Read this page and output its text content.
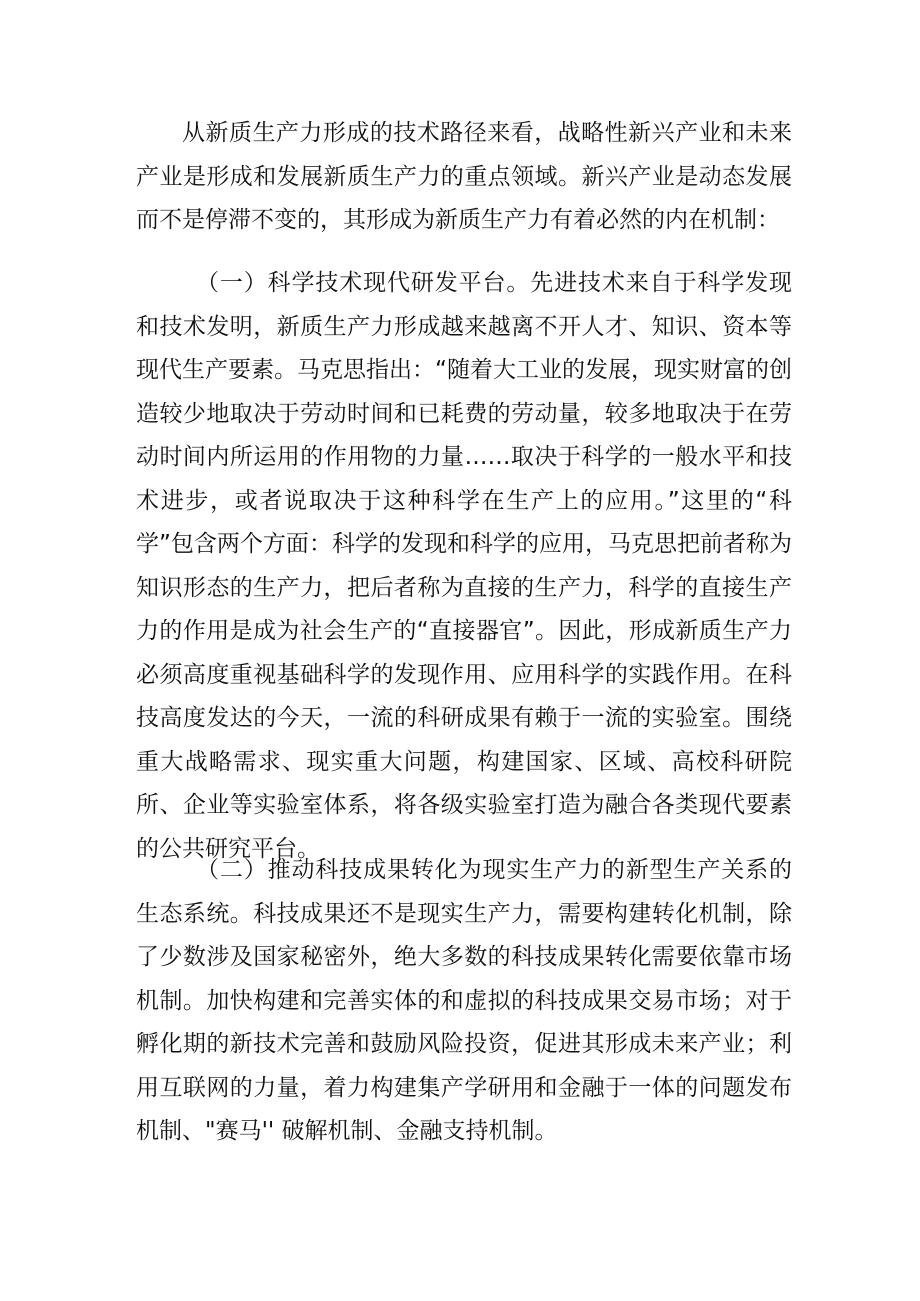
从新质生产力形成的技术路径来看，战略性新兴产业和未来产业是形成和发展新质生产力的重点领域。新兴产业是动态发展而不是停滞不变的，其形成为新质生产力有着必然的内在机制：

（一）科学技术现代研发平台。先进技术来自于科学发现和技术发明，新质生产力形成越来越离不开人才、知识、资本等现代生产要素。马克思指出：“随着大工业的发展，现实财富的创造较少地取决于劳动时间和已耗费的劳动量，较多地取决于在劳动时间内所运用的作用物的力量……取决于科学的一般水平和技术进步，或者说取决于这种科学在生产上的应用。”这里的“科学”包含两个方面：科学的发现和科学的应用，马克思把前者称为知识形态的生产力，把后者称为直接的生产力，科学的直接生产力的作用是成为社会生产的“直接器官”。因此，形成新质生产力必须高度重视基础科学的发现作用、应用科学的实践作用。在科技高度发达的今天，一流的科研成果有赖于一流的实验室。围绕重大战略需求、现实重大问题，构建国家、区域、高校科研院所、企业等实验室体系，将各级实验室打造为融合各类现代要素的公共研究平台。

（二）推动科技成果转化为现实生产力的新型生产关系的生态系统。科技成果还不是现实生产力，需要构建转化机制，除了少数涉及国家秘密外，绝大多数的科技成果转化需要依靠市场机制。加快构建和完善实体的和虚拟的科技成果交易市场；对于孵化期的新技术完善和鼓励风险投资，促进其形成未来产业；利用互联网的力量，着力构建集产学研用和金融于一体的问题发布机制、"赛马'' 破解机制、金融支持机制。
